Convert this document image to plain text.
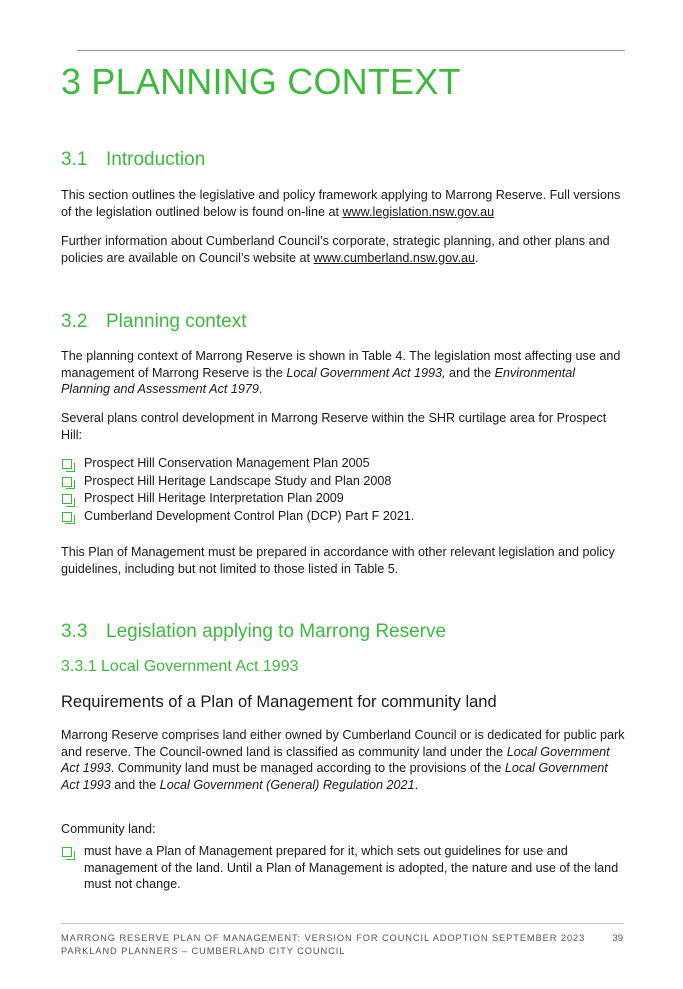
3 PLANNING CONTEXT
3.1 Introduction

This section outlines the legislative and policy framework applying to Marrong Reserve. Full versions of the legislation outlined below is found on-line at www.legislation.nsw.gov.au

Further information about Cumberland Council’s corporate, strategic planning, and other plans and policies are available on Council’s website at www.cumberland.nsw.gov.au.

3.2 Planning context

The planning context of Marrong Reserve is shown in Table 4. The legislation most affecting use and management of Marrong Reserve is the Local Government Act 1993, and the Environmental Planning and Assessment Act 1979.

Several plans control development in Marrong Reserve within the SHR curtilage area for Prospect Hill:

Prospect Hill Conservation Management Plan 2005
Prospect Hill Heritage Landscape Study and Plan 2008
Prospect Hill Heritage Interpretation Plan 2009
Cumberland Development Control Plan (DCP) Part F 2021.

This Plan of Management must be prepared in accordance with other relevant legislation and policy guidelines, including but not limited to those listed in Table 5.

3.3 Legislation applying to Marrong Reserve
3.3.1 Local Government Act 1993
Requirements of a Plan of Management for community land

Marrong Reserve comprises land either owned by Cumberland Council or is dedicated for public park and reserve. The Council-owned land is classified as community land under the Local Government Act 1993. Community land must be managed according to the provisions of the Local Government Act 1993 and the Local Government (General) Regulation 2021.

Community land:

must have a Plan of Management prepared for it, which sets out guidelines for use and management of the land. Until a Plan of Management is adopted, the nature and use of the land must not change.

MARRONG RESERVE PLAN OF MANAGEMENT: VERSION FOR COUNCIL ADOPTION SEPTEMBER 2023

PARKLAND PLANNERS – CUMBERLAND CITY COUNCIL

39
